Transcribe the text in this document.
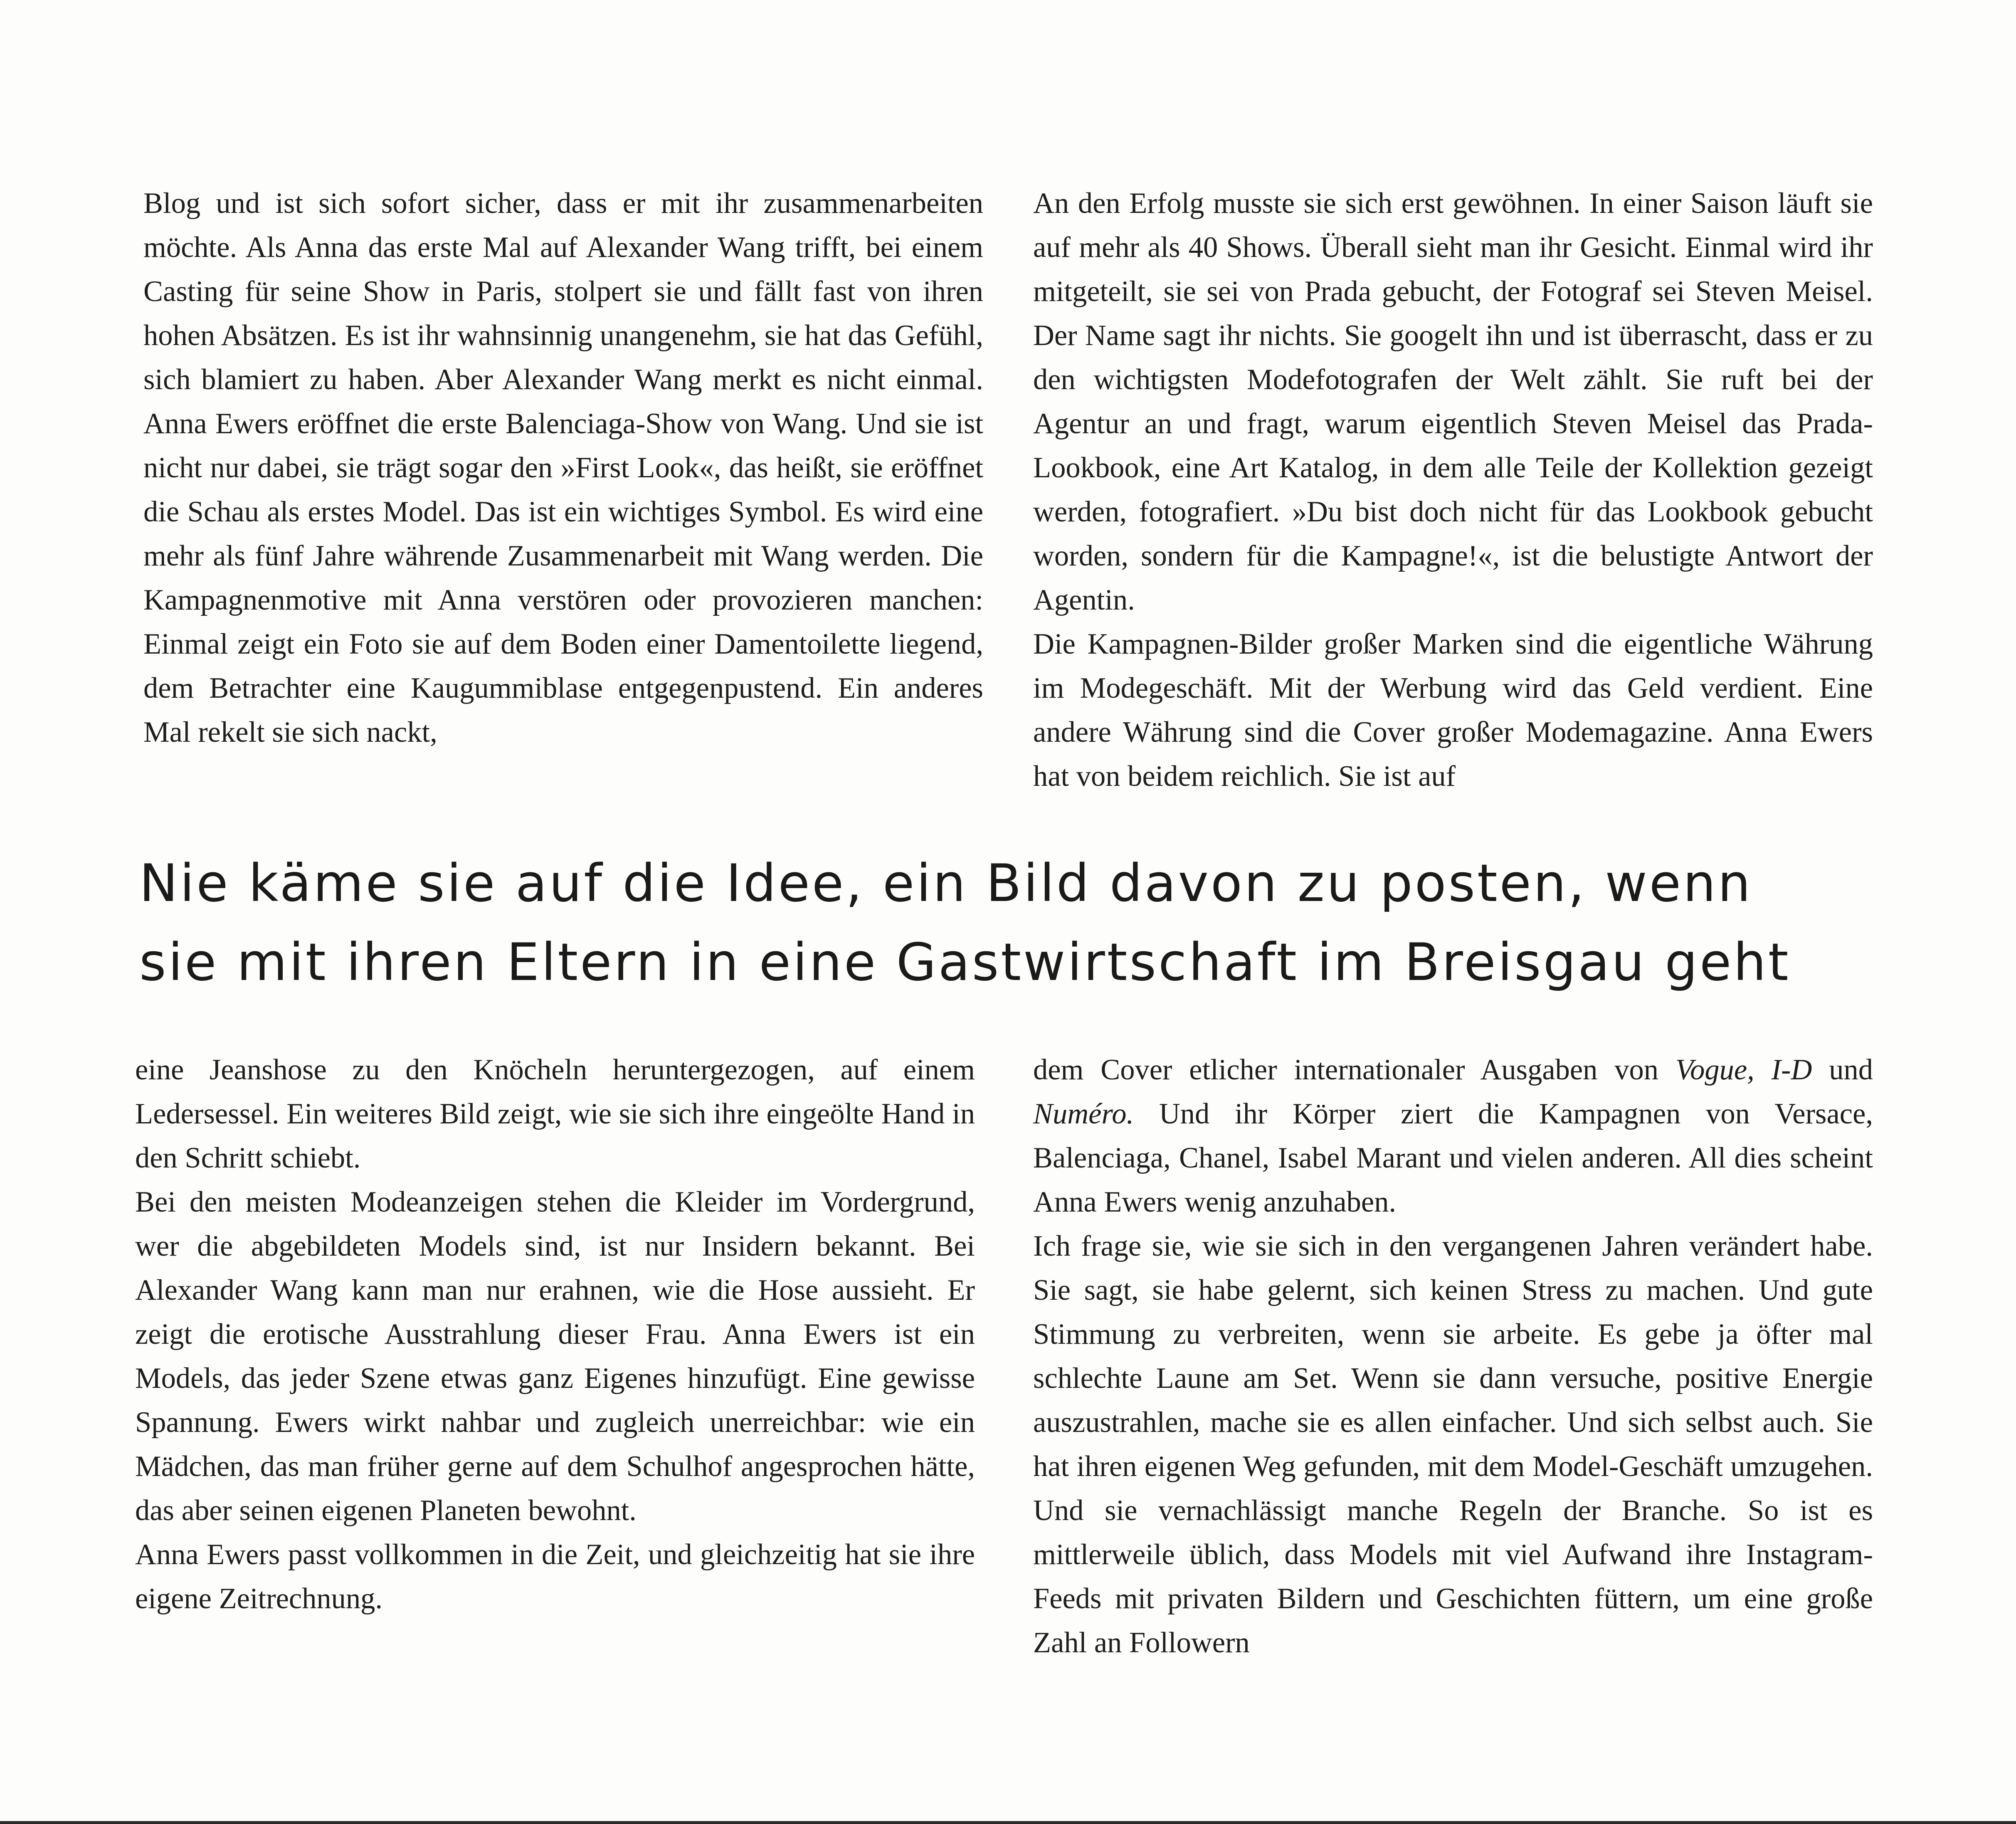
Blog und ist sich sofort sicher, dass er mit ihr zusammenarbeiten möchte. Als Anna das erste Mal auf Alexander Wang trifft, bei einem Casting für seine Show in Paris, stolpert sie und fällt fast von ihren hohen Absätzen. Es ist ihr wahnsinnig unangenehm, sie hat das Gefühl, sich blamiert zu haben. Aber Alexander Wang merkt es nicht einmal. Anna Ewers eröffnet die erste Balenciaga-Show von Wang. Und sie ist nicht nur dabei, sie trägt sogar den »First Look«, das heißt, sie eröffnet die Schau als erstes Model. Das ist ein wichtiges Symbol. Es wird eine mehr als fünf Jahre währende Zusammenarbeit mit Wang werden. Die Kampagnenmotive mit Anna verstören oder provozieren manchen: Einmal zeigt ein Foto sie auf dem Boden einer Damentoilette liegend, dem Betrachter eine Kaugummiblase entgegenpustend. Ein anderes Mal rekelt sie sich nackt,

An den Erfolg musste sie sich erst gewöhnen. In einer Saison läuft sie auf mehr als 40 Shows. Überall sieht man ihr Gesicht. Einmal wird ihr mitgeteilt, sie sei von Prada gebucht, der Fotograf sei Steven Meisel. Der Name sagt ihr nichts. Sie googelt ihn und ist überrascht, dass er zu den wichtigsten Modefotografen der Welt zählt. Sie ruft bei der Agentur an und fragt, warum eigentlich Steven Meisel das Prada-Lookbook, eine Art Katalog, in dem alle Teile der Kollektion gezeigt werden, fotografiert. »Du bist doch nicht für das Lookbook gebucht worden, sondern für die Kampagne!«, ist die belustigte Antwort der Agentin.

Die Kampagnen-Bilder großer Marken sind die eigentliche Währung im Modegeschäft. Mit der Werbung wird das Geld verdient. Eine andere Währung sind die Cover großer Modemagazine. Anna Ewers hat von beidem reichlich. Sie ist auf

Nie käme sie auf die Idee, ein Bild davon zu posten, wenn
sie mit ihren Eltern in eine Gastwirtschaft im Breisgau geht

eine Jeanshose zu den Knöcheln heruntergezogen, auf einem Ledersessel. Ein weiteres Bild zeigt, wie sie sich ihre eingeölte Hand in den Schritt schiebt.

Bei den meisten Modeanzeigen stehen die Kleider im Vordergrund, wer die abgebildeten Models sind, ist nur Insidern bekannt. Bei Alexander Wang kann man nur erahnen, wie die Hose aussieht. Er zeigt die erotische Ausstrahlung dieser Frau. Anna Ewers ist ein Models, das jeder Szene etwas ganz Eigenes hinzufügt. Eine gewisse Spannung. Ewers wirkt nahbar und zugleich unerreichbar: wie ein Mädchen, das man früher gerne auf dem Schulhof angesprochen hätte, das aber seinen eigenen Planeten bewohnt.

Anna Ewers passt vollkommen in die Zeit, und gleichzeitig hat sie ihre eigene Zeitrechnung.

dem Cover etlicher internationaler Ausgaben von Vogue, I-D und Numéro. Und ihr Körper ziert die Kampagnen von Versace, Balenciaga, Chanel, Isabel Marant und vielen anderen. All dies scheint Anna Ewers wenig anzuhaben.

Ich frage sie, wie sie sich in den vergangenen Jahren verändert habe. Sie sagt, sie habe gelernt, sich keinen Stress zu machen. Und gute Stimmung zu verbreiten, wenn sie arbeite. Es gebe ja öfter mal schlechte Laune am Set. Wenn sie dann versuche, positive Energie auszustrahlen, mache sie es allen einfacher. Und sich selbst auch. Sie hat ihren eigenen Weg gefunden, mit dem Model-Geschäft umzugehen. Und sie vernachlässigt manche Regeln der Branche. So ist es mittlerweile üblich, dass Models mit viel Aufwand ihre Instagram-Feeds mit privaten Bildern und Geschichten füttern, um eine große Zahl an Followern
